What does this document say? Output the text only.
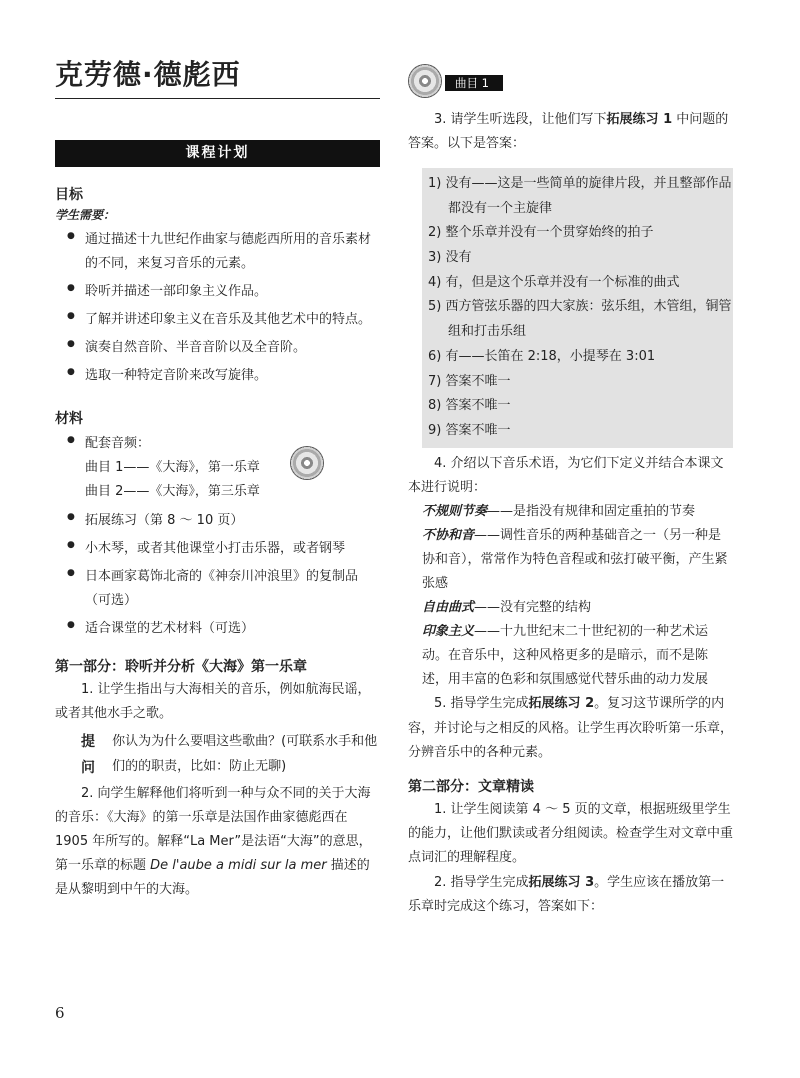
克劳德·德彪西
课程计划

目标

学生需要：

● 通过描述十九世纪作曲家与德彪西所用的音乐素材的不同，来复习音乐的元素。
● 聆听并描述一部印象主义作品。
● 了解并讲述印象主义在音乐及其他艺术中的特点。
● 演奏自然音阶、半音音阶以及全音阶。
● 选取一种特定音阶来改写旋律。

材料

● 配套音频：
曲目 1——《大海》，第一乐章
曲目 2——《大海》，第三乐章
● 拓展练习（第 8 ～ 10 页）
● 小木琴，或者其他课堂小打击乐器，或者钢琴
● 日本画家葛饰北斋的《神奈川冲浪里》的复制品（可选）
● 适合课堂的艺术材料（可选）

第一部分：聆听并分析《大海》第一乐章

1. 让学生指出与大海相关的音乐，例如航海民谣，或者其他水手之歌。

提问
你认为为什么要唱这些歌曲？(可联系水手和他们的的职责，比如：防止无聊)

2. 向学生解释他们将听到一种与众不同的关于大海的音乐：《大海》的第一乐章是法国作曲家德彪西在 1905 年所写的。解释“La Mer”是法语“大海”的意思，第一乐章的标题 De l'aube a midi sur la mer 描述的是从黎明到中午的大海。

曲目 1

3. 请学生听选段，让他们写下拓展练习 1 中问题的答案。以下是答案：

1) 没有——这是一些简单的旋律片段，并且整部作品都没有一个主旋律
2) 整个乐章并没有一个贯穿始终的拍子
3) 没有
4) 有，但是这个乐章并没有一个标准的曲式
5) 西方管弦乐器的四大家族：弦乐组，木管组，铜管组和打击乐组
6) 有——长笛在 2:18，小提琴在 3:01
7) 答案不唯一
8) 答案不唯一
9) 答案不唯一

4. 介绍以下音乐术语，为它们下定义并结合本课文本进行说明：

不规则节奏——是指没有规律和固定重拍的节奏

不协和音——调性音乐的两种基础音之一（另一种是协和音），常常作为特色音程或和弦打破平衡，产生紧张感

自由曲式——没有完整的结构

印象主义——十九世纪末二十世纪初的一种艺术运动。在音乐中，这种风格更多的是暗示，而不是陈述，用丰富的色彩和氛围感觉代替乐曲的动力发展

5. 指导学生完成拓展练习 2。复习这节课所学的内容，并讨论与之相反的风格。让学生再次聆听第一乐章，分辨音乐中的各种元素。

第二部分：文章精读

1. 让学生阅读第 4 ～ 5 页的文章，根据班级里学生的能力，让他们默读或者分组阅读。检查学生对文章中重点词汇的理解程度。

2. 指导学生完成拓展练习 3。学生应该在播放第一乐章时完成这个练习，答案如下：

6
